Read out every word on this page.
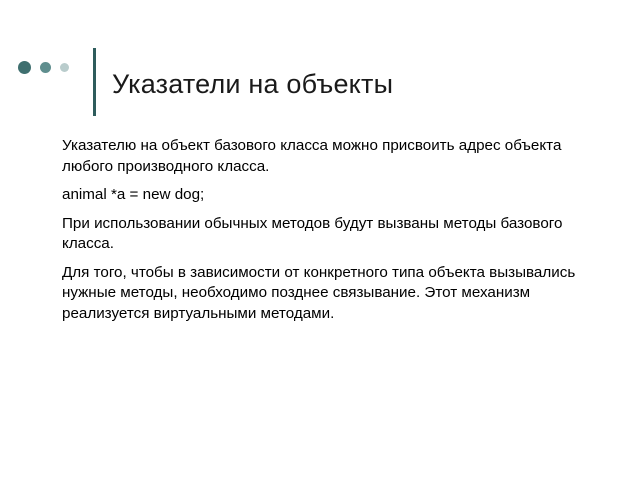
Указатели на объекты

Указателю на объект базового класса можно присвоить адрес объекта любого производного класса.

animal *a = new dog;

При использовании обычных методов будут вызваны методы базового класса.

Для того, чтобы в зависимости от конкретного типа объекта вызывались нужные методы, необходимо позднее связывание. Этот механизм реализуется виртуальными методами.
